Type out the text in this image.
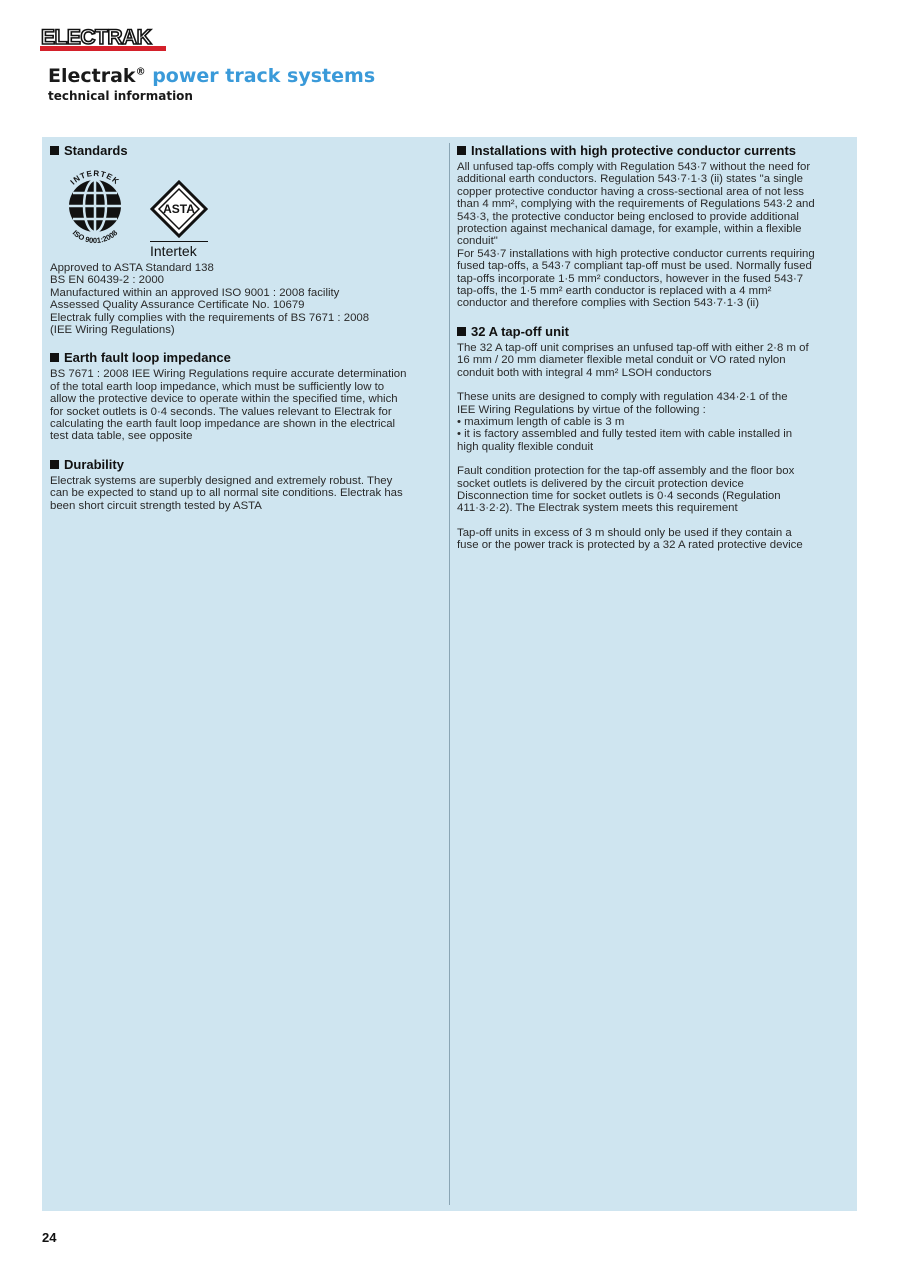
ELECTRAK
Electrak® power track systems
technical information
Standards
INTERTEK
ISO 9001:2008
ASTA
Intertek

Approved to ASTA Standard 138
BS EN 60439-2 : 2000
Manufactured within an approved ISO 9001 : 2008 facility
Assessed Quality Assurance Certificate No. 10679
Electrak fully complies with the requirements of BS 7671 : 2008
(IEE Wiring Regulations)

Earth fault loop impedance

BS 7671 : 2008 IEE Wiring Regulations require accurate determination
of the total earth loop impedance, which must be sufficiently low to
allow the protective device to operate within the specified time, which
for socket outlets is 0·4 seconds. The values relevant to Electrak for
calculating the earth fault loop impedance are shown in the electrical
test data table, see opposite

Durability

Electrak systems are superbly designed and extremely robust. They
can be expected to stand up to all normal site conditions. Electrak has
been short circuit strength tested by ASTA

Installations with high protective conductor currents

All unfused tap-offs comply with Regulation 543·7 without the need for
additional earth conductors. Regulation 543·7·1·3 (ii) states "a single
copper protective conductor having a cross-sectional area of not less
than 4 mm², complying with the requirements of Regulations 543·2 and
543·3, the protective conductor being enclosed to provide additional
protection against mechanical damage, for example, within a flexible
conduit"
For 543·7 installations with high protective conductor currents requiring
fused tap-offs, a 543·7 compliant tap-off must be used. Normally fused
tap-offs incorporate 1·5 mm² conductors, however in the fused 543·7
tap-offs, the 1·5 mm² earth conductor is replaced with a 4 mm²
conductor and therefore complies with Section 543·7·1·3 (ii)

32 A tap-off unit

The 32 A tap-off unit comprises an unfused tap-off with either 2·8 m of
16 mm / 20 mm diameter flexible metal conduit or VO rated nylon
conduit both with integral 4 mm² LSOH conductors

These units are designed to comply with regulation 434·2·1 of the
IEE Wiring Regulations by virtue of the following :
• maximum length of cable is 3 m
• it is factory assembled and fully tested item with cable installed in
high quality flexible conduit

Fault condition protection for the tap-off assembly and the floor box
socket outlets is delivered by the circuit protection device
Disconnection time for socket outlets is 0·4 seconds (Regulation
411·3·2·2). The Electrak system meets this requirement

Tap-off units in excess of 3 m should only be used if they contain a
fuse or the power track is protected by a 32 A rated protective device

24
